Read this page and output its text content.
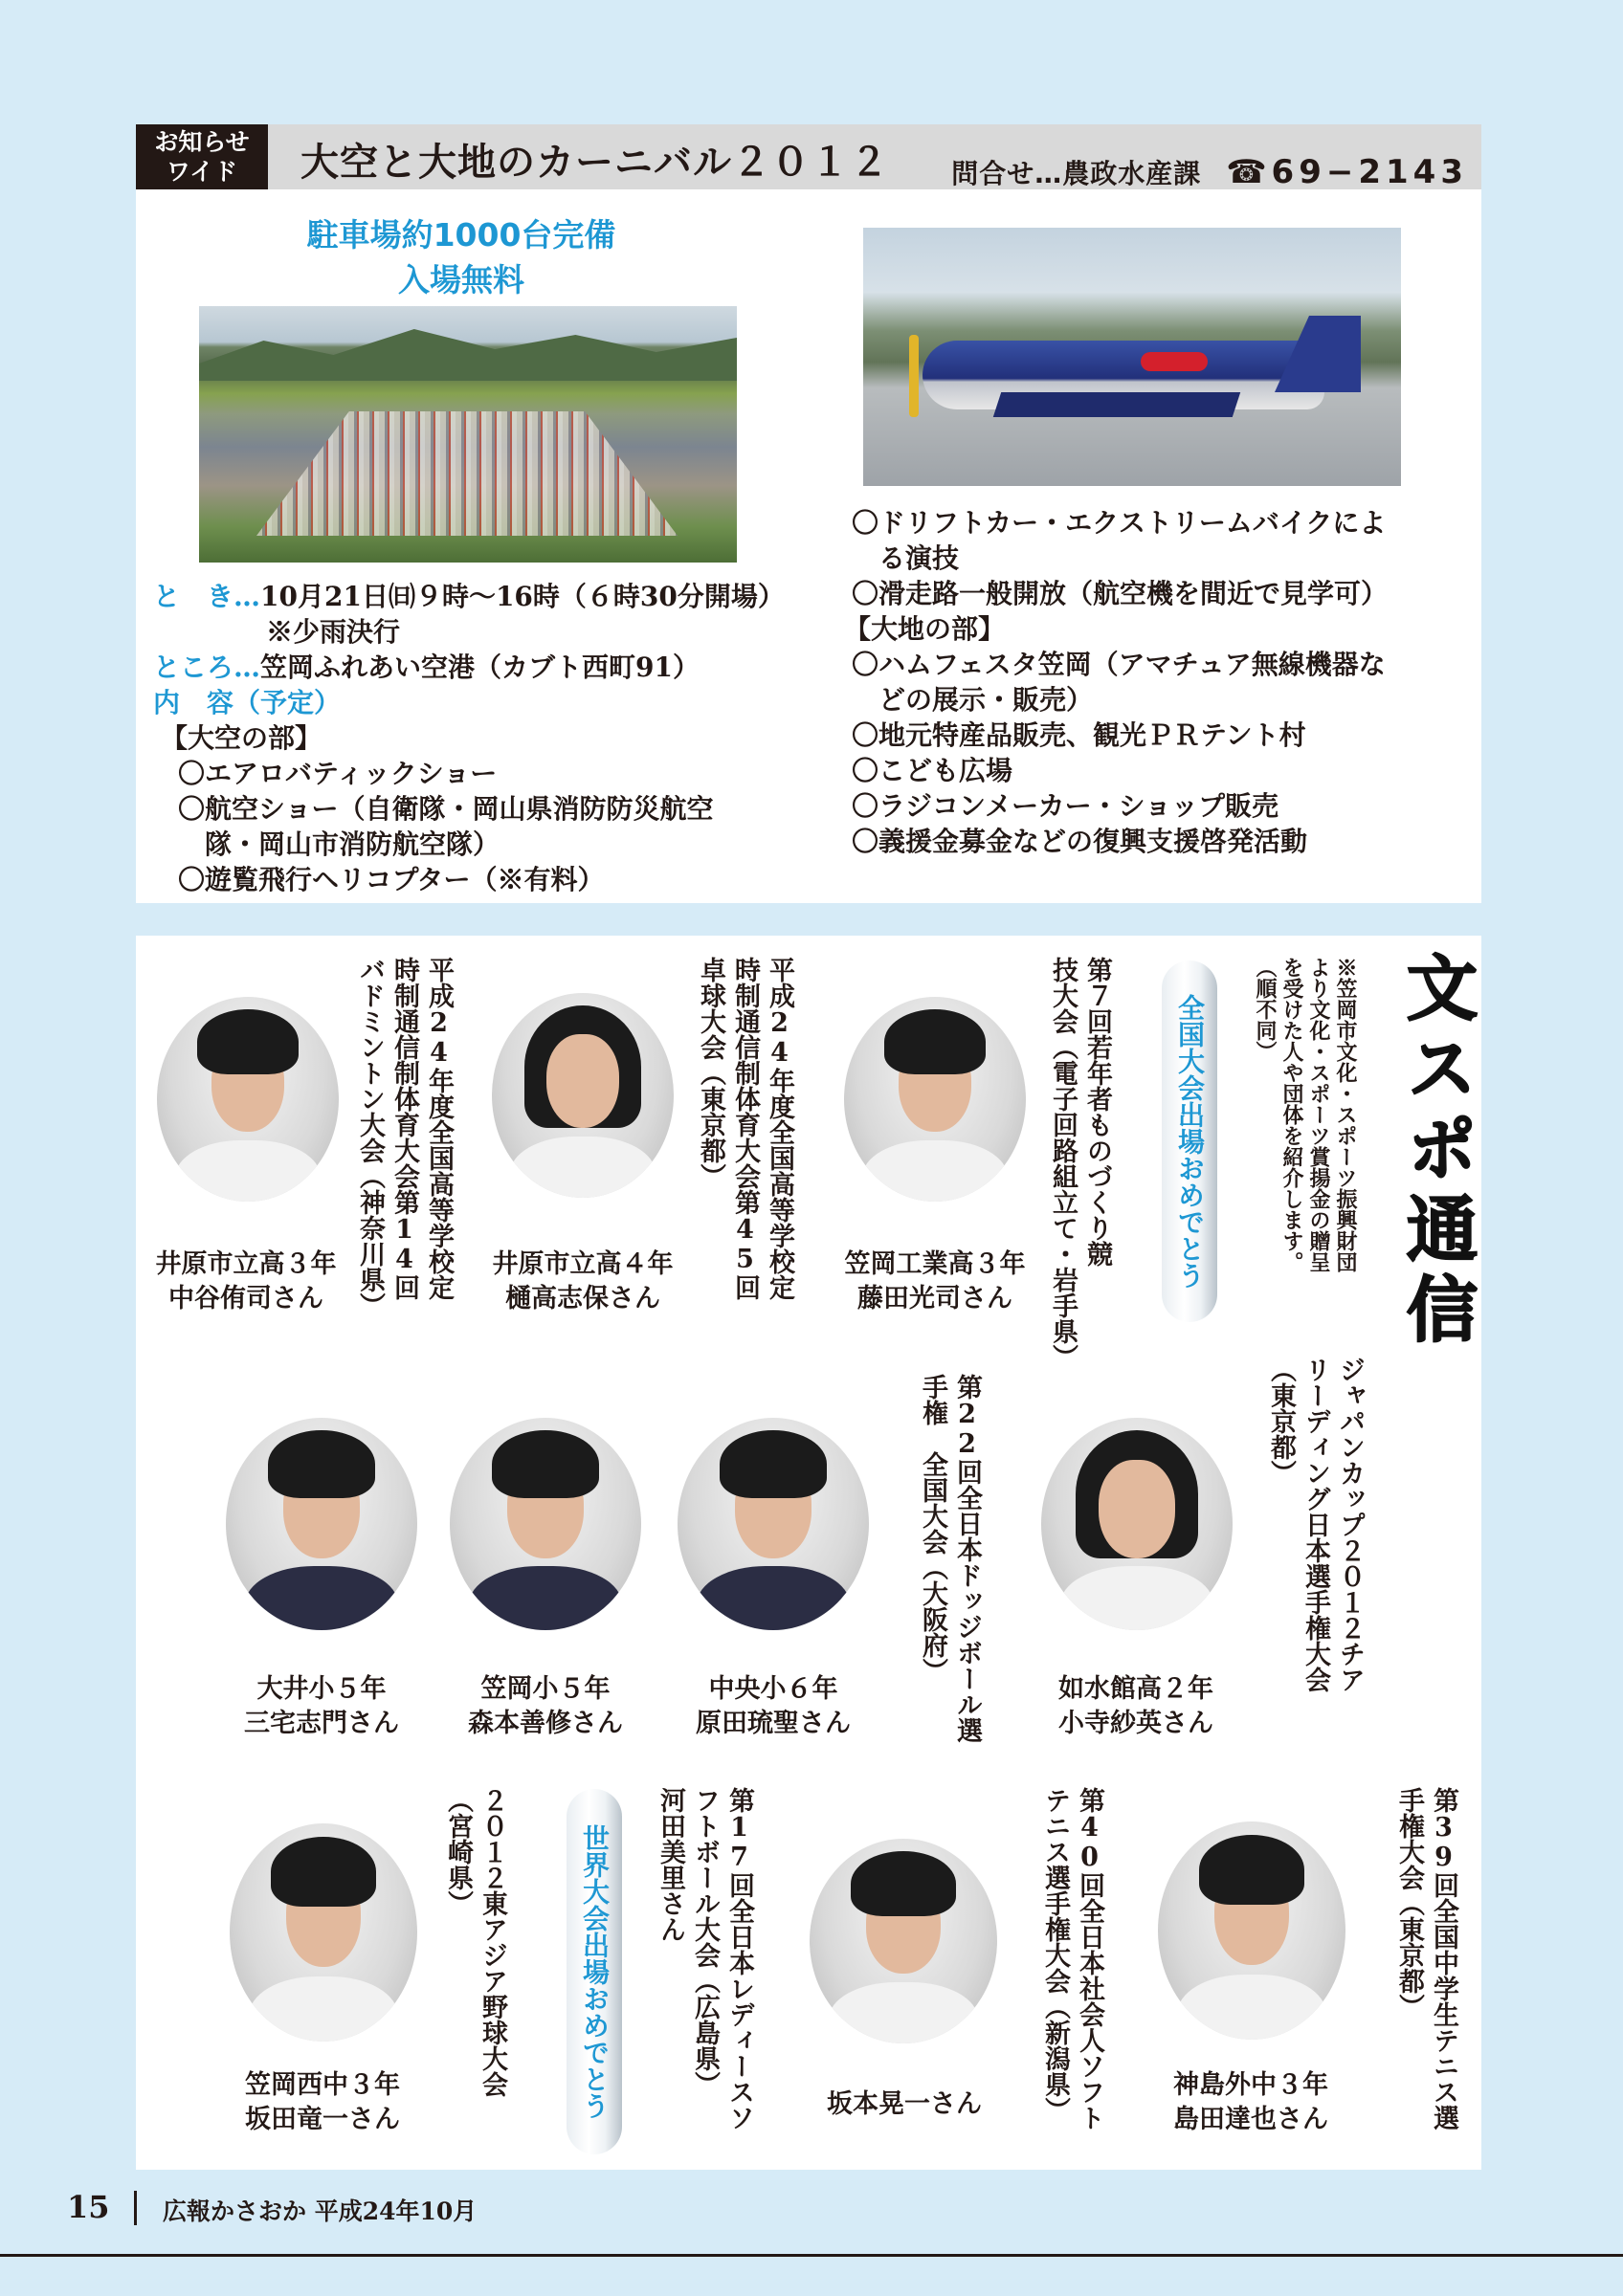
お知らせ
ワイド	大空と大地のカーニバル２０１２ 問合せ…農政水産課 ☎69−2143
駐車場約1000台完備
入場無料
と　き…10月21日㈰９時〜16時（６時30分開場）
※少雨決行
ところ…笠岡ふれあい空港（カブト西町91）
内　容（予定）
【大空の部】
〇エアロバティックショー
〇航空ショー（自衛隊・岡山県消防防災航空
　隊・岡山市消防航空隊）
〇遊覧飛行ヘリコプター（※有料）
〇ドリフトカー・エクストリームバイクによ
　る演技
〇滑走路一般開放（航空機を間近で見学可）
【大地の部】
〇ハムフェスタ笠岡（アマチュア無線機器な
　どの展示・販売）
〇地元特産品販売、観光ＰＲテント村
〇こども広場
〇ラジコンメーカー・ショップ販売
〇義援金募金などの復興支援啓発活動
文スポ通信
※笠岡市文化・スポーツ振興財団
より文化・スポーツ賞揚金の贈呈
を受けた人や団体を紹介します。
（順不同）
全国大会出場おめでとう
第７回若年者ものづくり競
技大会（電子回路組立て・岩手県）
笠岡工業高３年
藤田光司さん
平成24年度全国高等学校定
時制通信制体育大会第45回
卓球大会（東京都）
井原市立高４年
樋高志保さん
平成24年度全国高等学校定
時制通信制体育大会第14回
バドミントン大会（神奈川県）
井原市立高３年
中谷侑司さん
ジャパンカップ２０１２チア
リーディング日本選手権大会
（東京都）
如水館高２年
小寺紗英さん
第22回全日本ドッジボール選
手権　全国大会（大阪府）
中央小６年
原田琉聖さん
笠岡小５年
森本善修さん
大井小５年
三宅志門さん
第39回全国中学生テニス選
手権大会（東京都）
神島外中３年
島田達也さん
第40回全日本社会人ソフト
テニス選手権大会（新潟県）
坂本晃一さん
第17回全日本レディースソ
フトボール大会（広島県）
河田美里さん
世界大会出場おめでとう
２０１２東アジア野球大会
（宮崎県）
笠岡西中３年
坂田竜一さん
15 広報かさおか 平成24年10月
